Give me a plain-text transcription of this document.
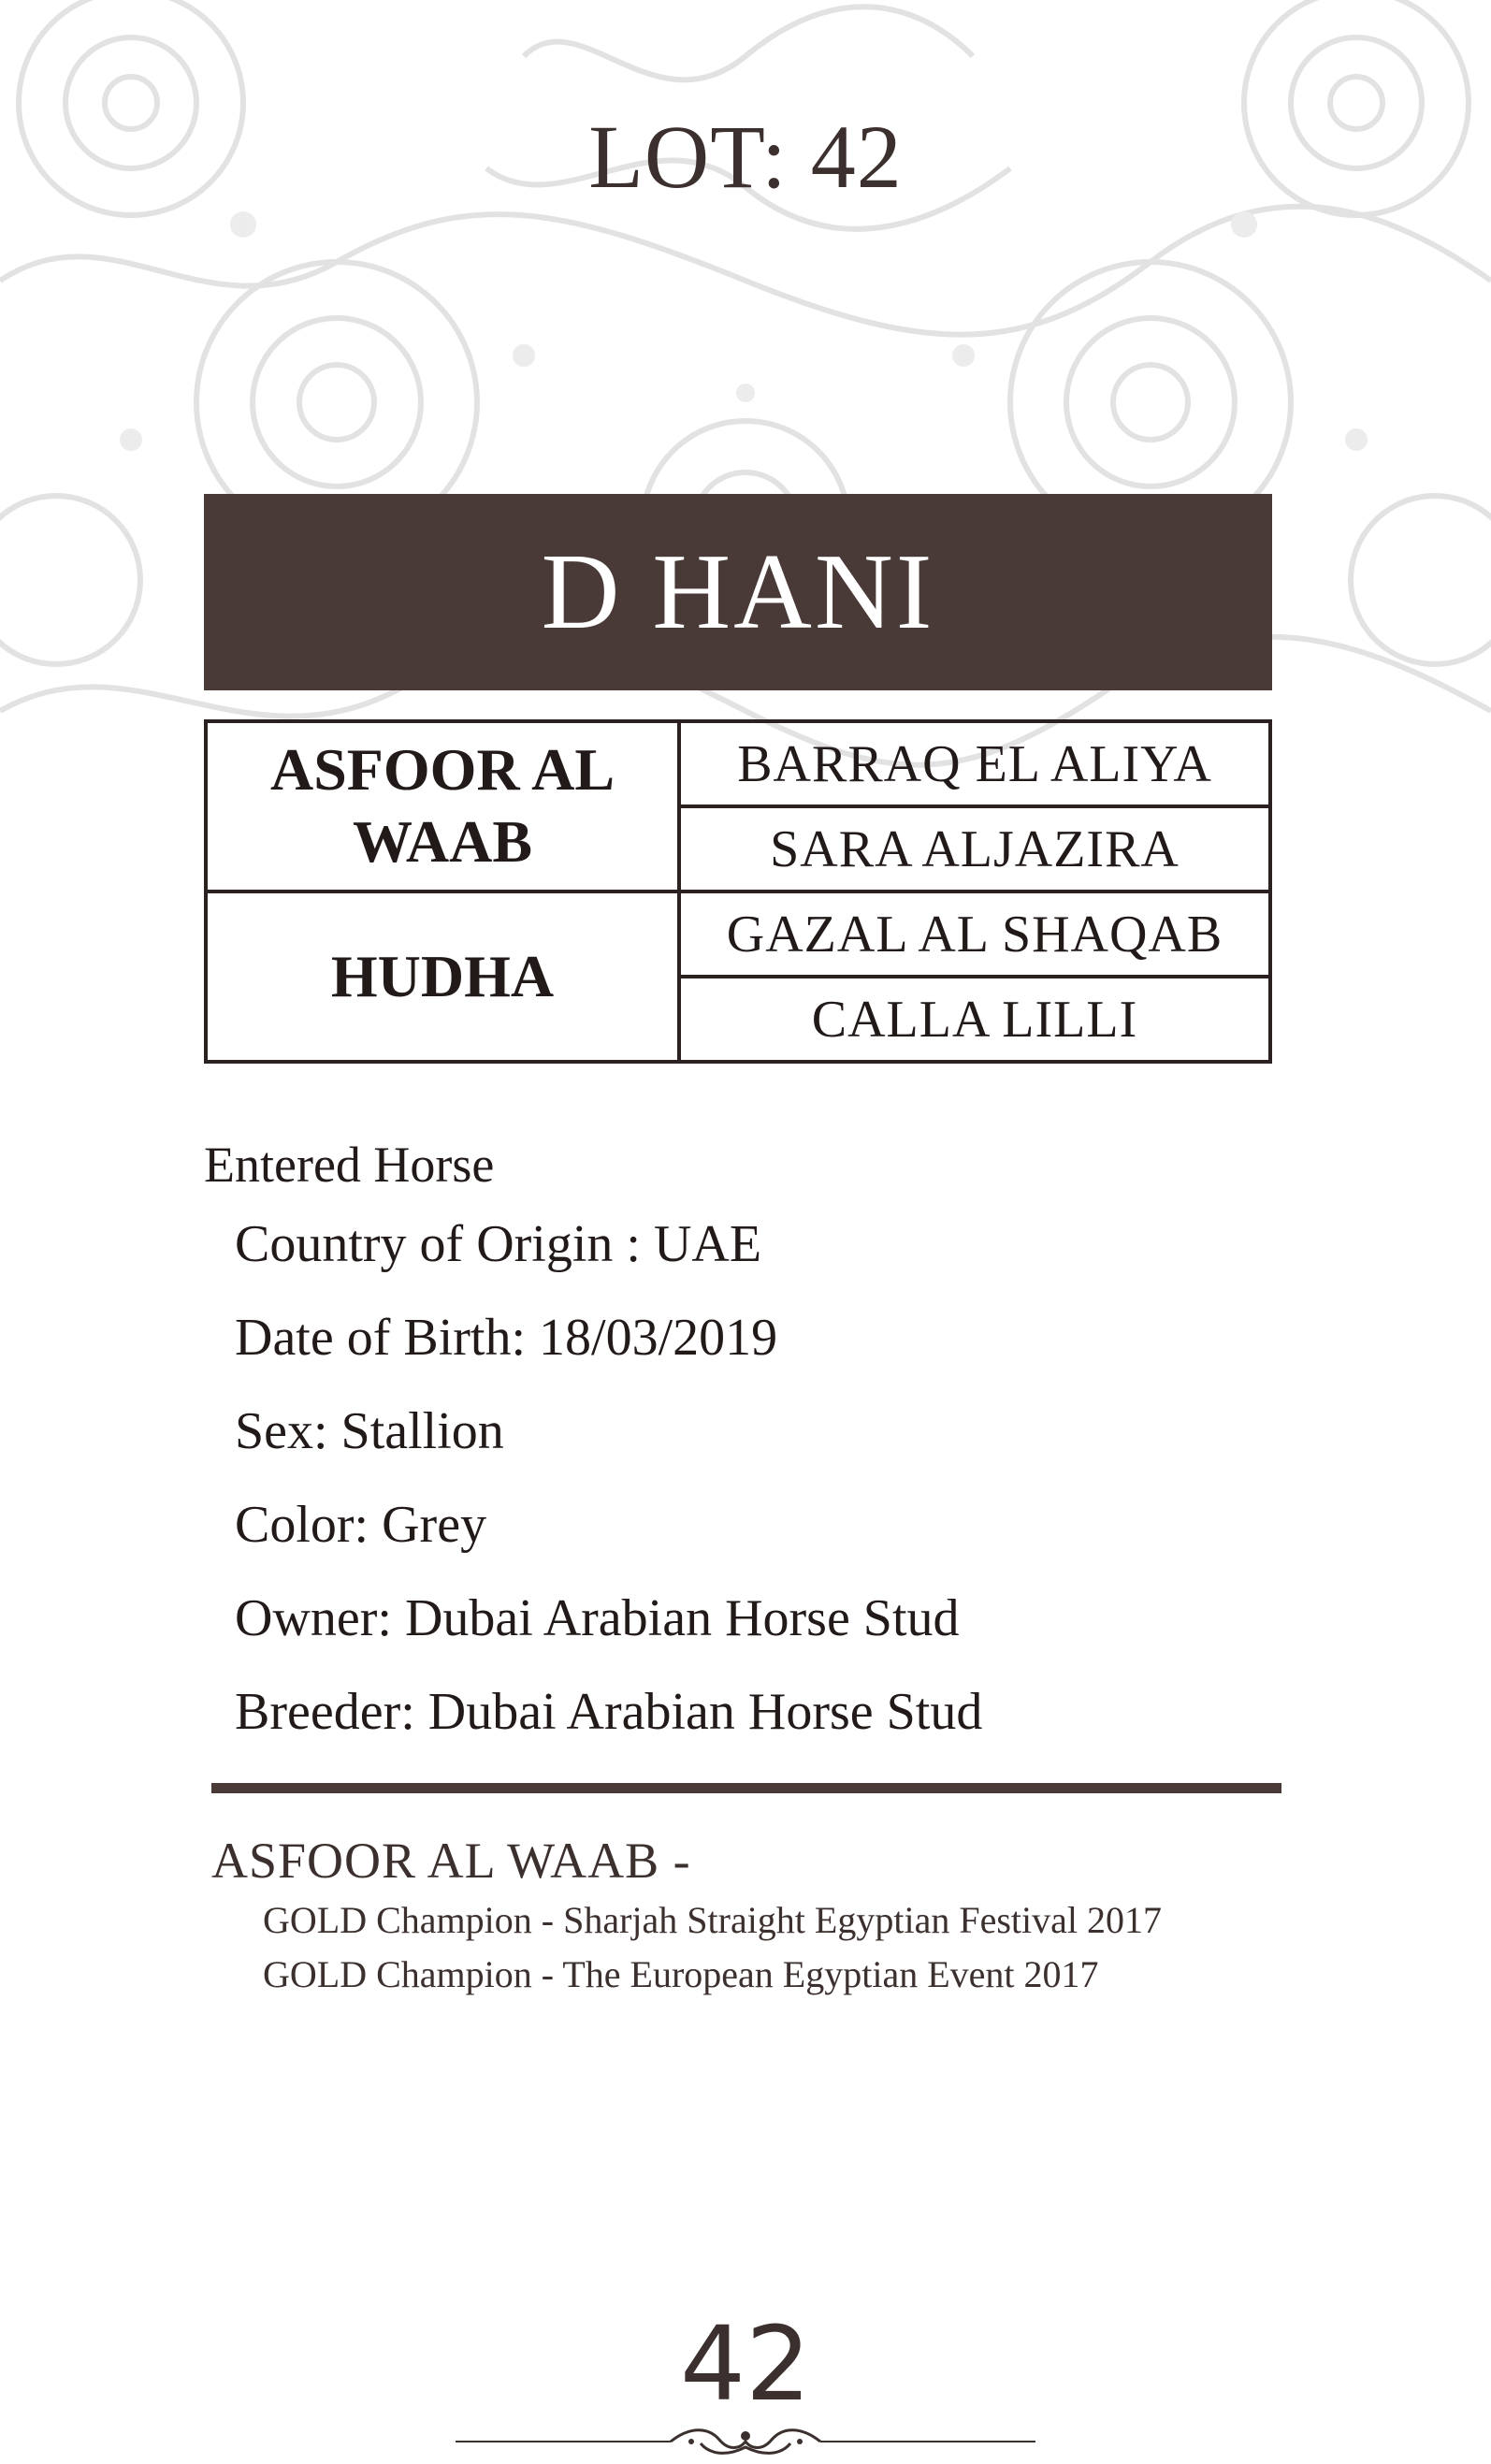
LOT: 42
D HANI
ASFOOR AL WAAB
HUDHA
BARRAQ EL ALIYA
SARA ALJAZIRA
GAZAL AL SHAQAB
CALLA LILLI
Entered Horse
Country of Origin : UAE
Date of Birth: 18/03/2019
Sex: Stallion
Color: Grey
Owner: Dubai Arabian Horse Stud
Breeder: Dubai Arabian Horse Stud
ASFOOR AL WAAB -
GOLD Champion - Sharjah Straight Egyptian Festival 2017
GOLD Champion - The European Egyptian Event 2017
42
